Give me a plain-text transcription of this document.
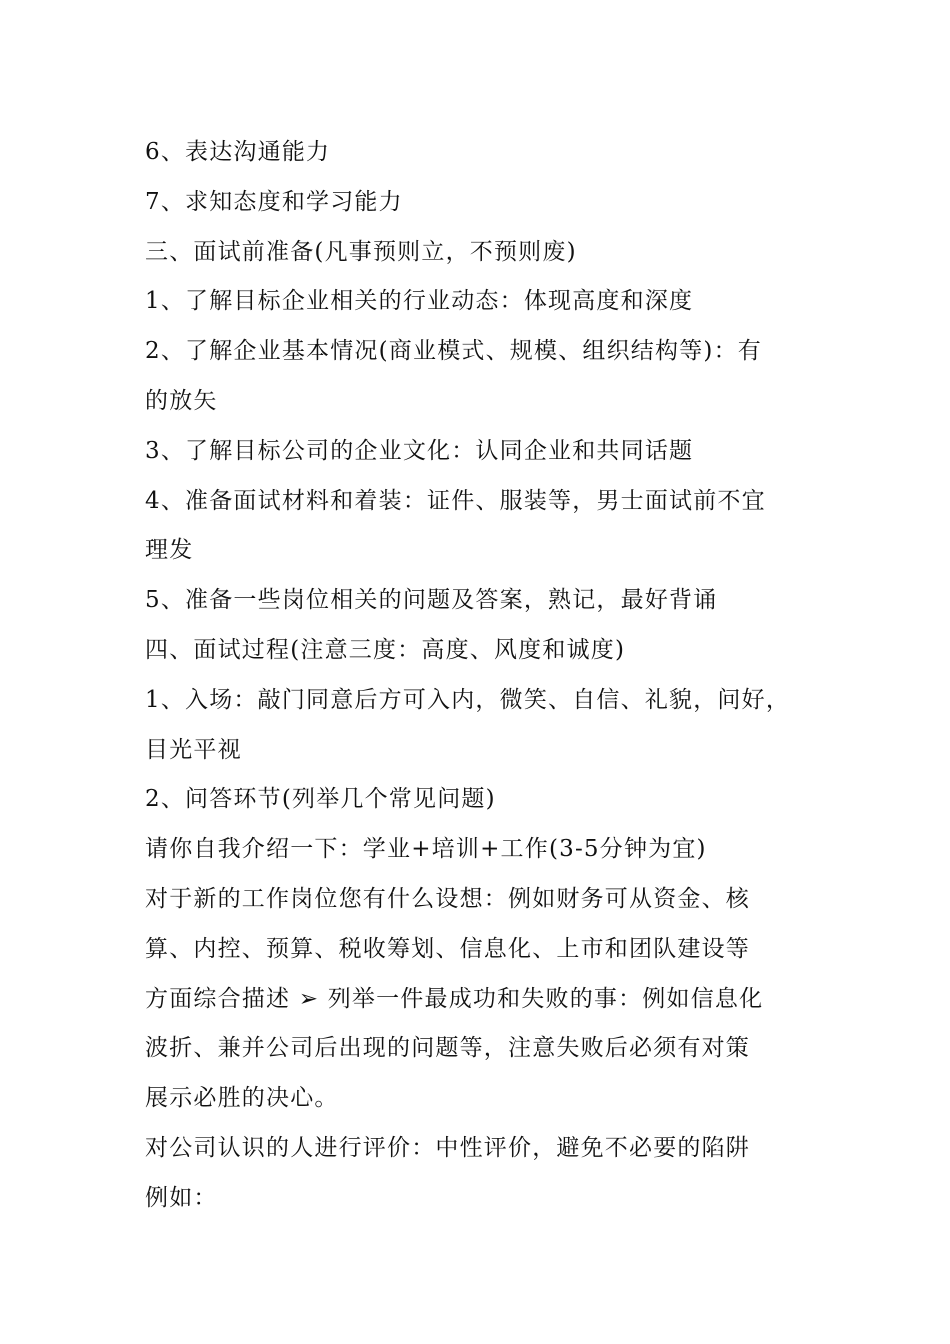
6、表达沟通能力
7、求知态度和学习能力
三、面试前准备(凡事预则立，不预则废)
1、了解目标企业相关的行业动态：体现高度和深度
2、了解企业基本情况(商业模式、规模、组织结构等)：有
的放矢
3、了解目标公司的企业文化：认同企业和共同话题
4、准备面试材料和着装：证件、服装等，男士面试前不宜
理发
5、准备一些岗位相关的问题及答案，熟记，最好背诵
四、面试过程(注意三度：高度、风度和诚度)
1、入场：敲门同意后方可入内，微笑、自信、礼貌，问好，
目光平视
2、问答环节(列举几个常见问题)
请你自我介绍一下：学业+培训+工作(3-5分钟为宜)
对于新的工作岗位您有什么设想：例如财务可从资金、核
算、内控、预算、税收筹划、信息化、上市和团队建设等
方面综合描述 ➢ 列举一件最成功和失败的事：例如信息化
波折、兼并公司后出现的问题等，注意失败后必须有对策
展示必胜的决心。
对公司认识的人进行评价：中性评价，避免不必要的陷阱
例如：
